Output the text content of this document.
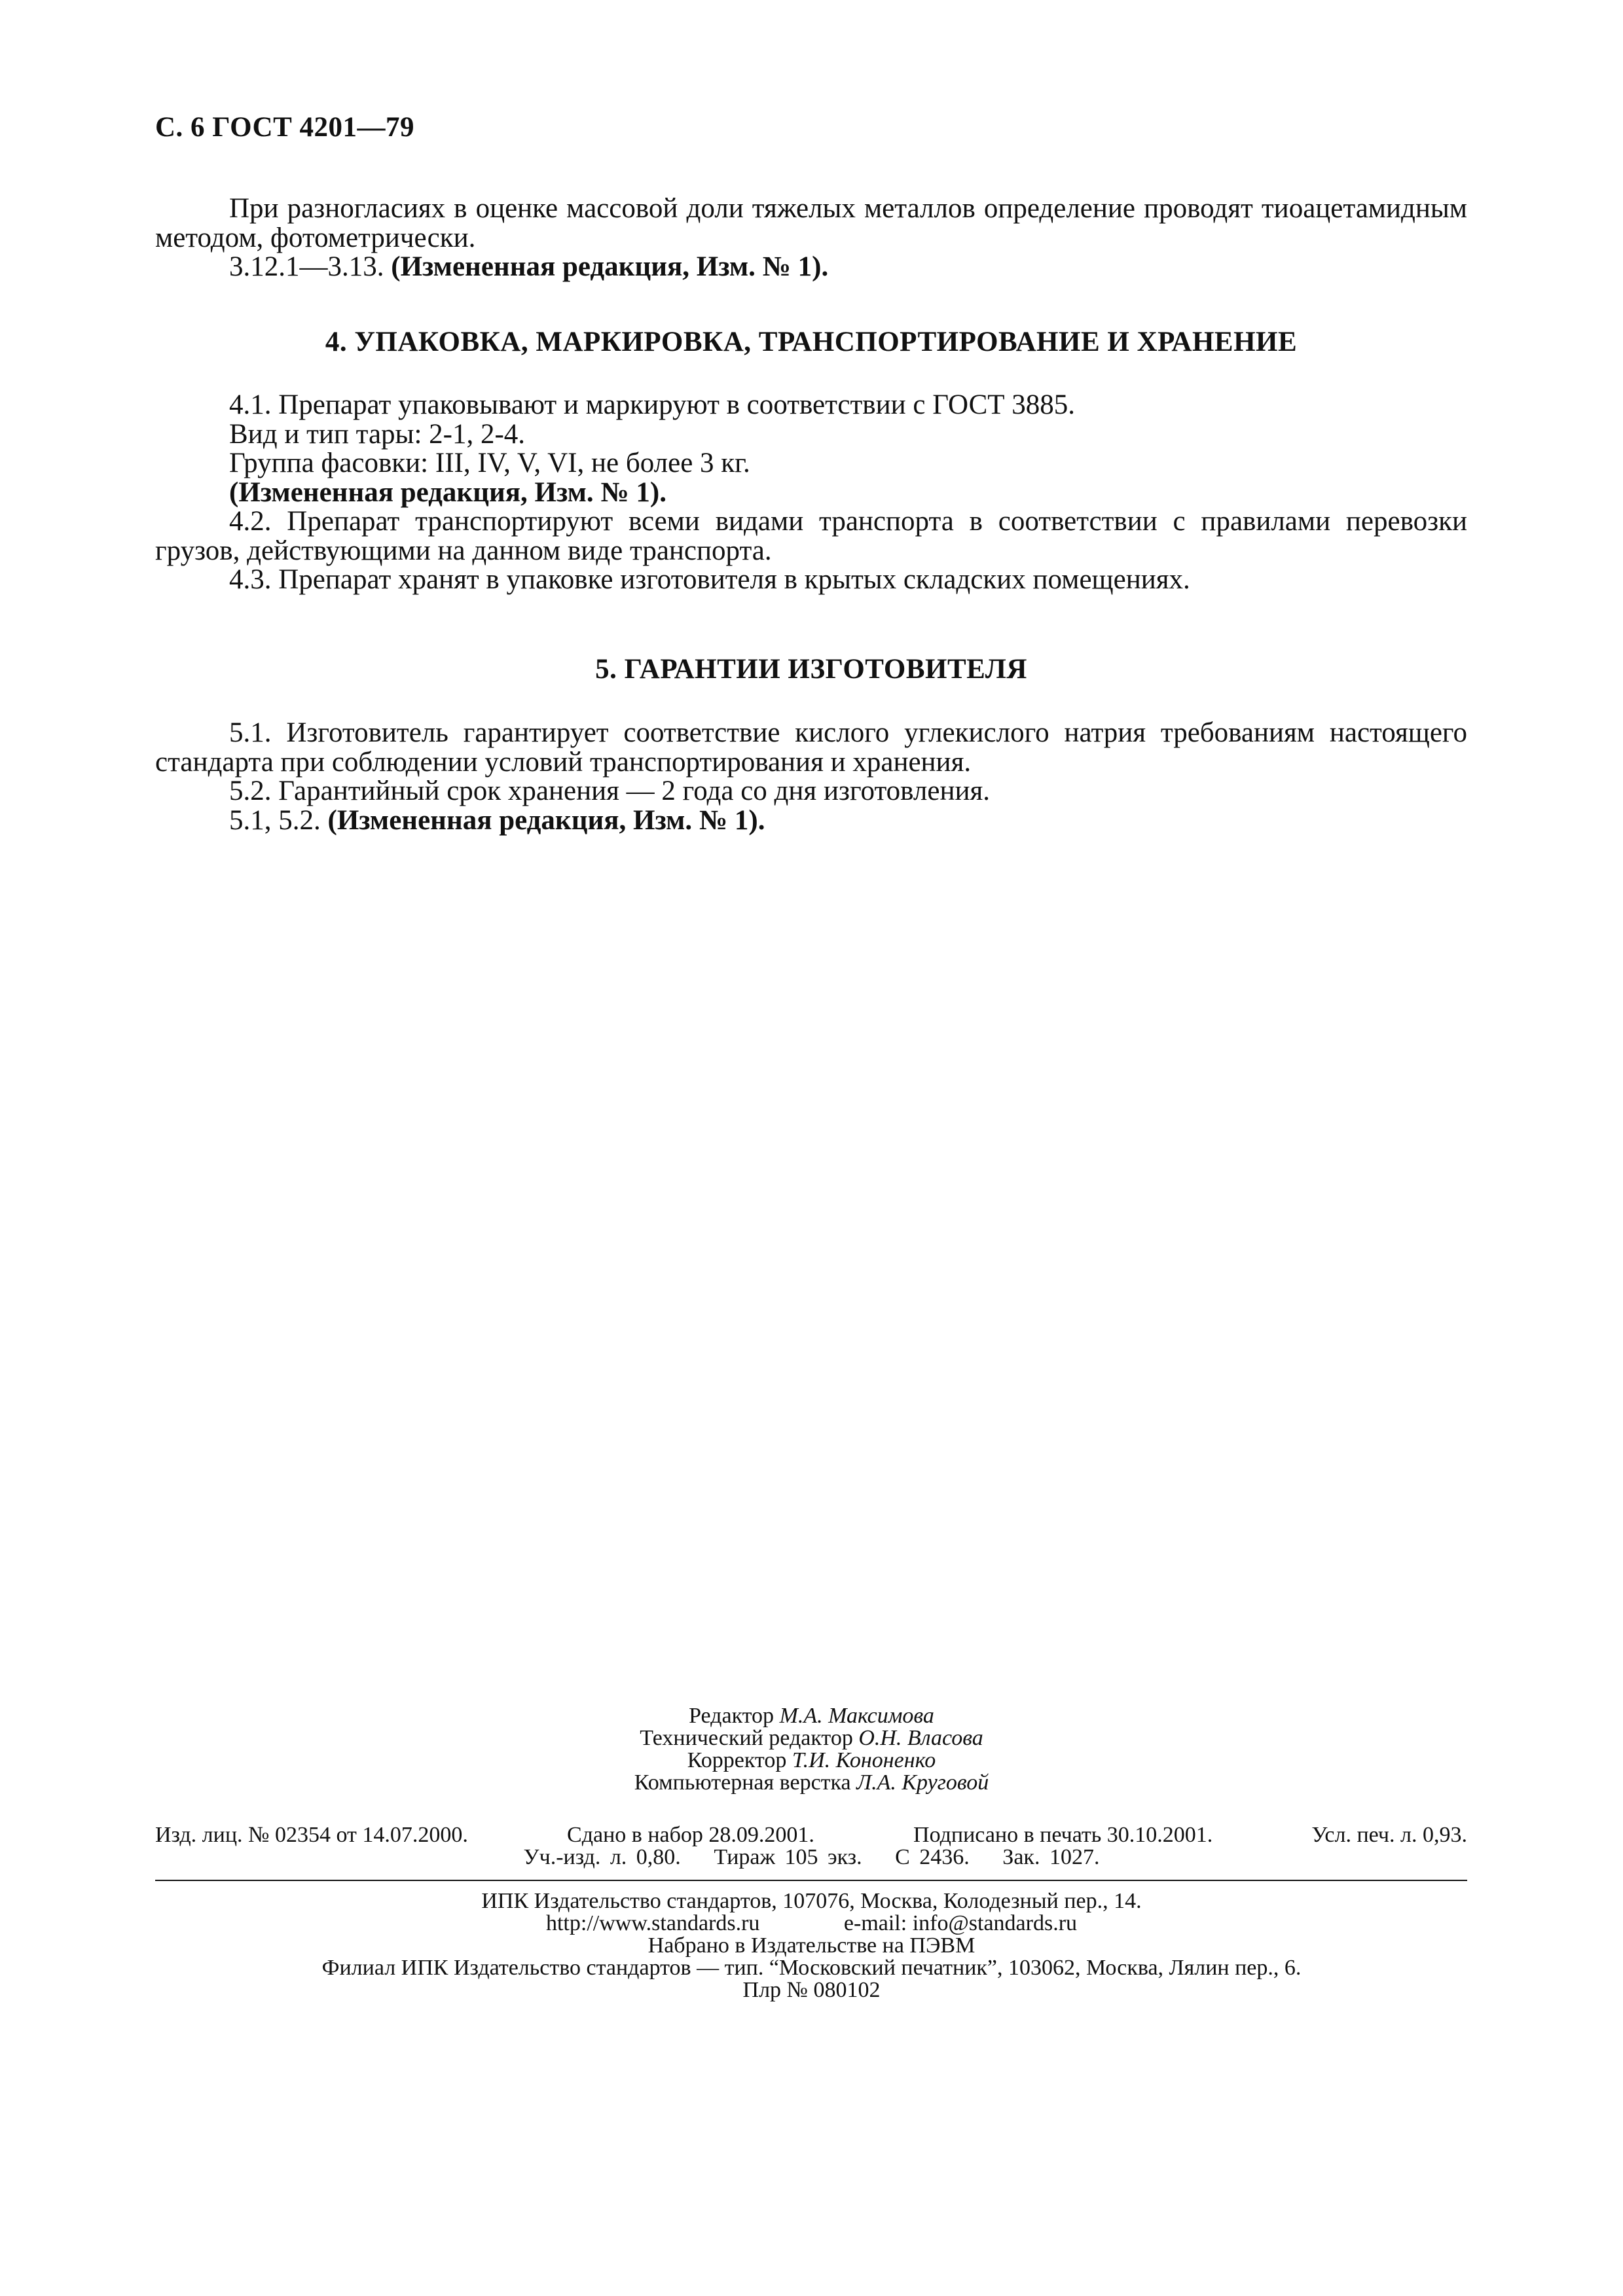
С. 6 ГОСТ 4201—79

При разногласиях в оценке массовой доли тяжелых металлов определение проводят тиоацетамидным методом, фотометрически.

3.12.1—3.13. (Измененная редакция, Изм. № 1).

4. УПАКОВКА, МАРКИРОВКА, ТРАНСПОРТИРОВАНИЕ И ХРАНЕНИЕ

4.1. Препарат упаковывают и маркируют в соответствии с ГОСТ 3885.

Вид и тип тары: 2-1, 2-4.

Группа фасовки: III, IV, V, VI, не более 3 кг.

(Измененная редакция, Изм. № 1).

4.2. Препарат транспортируют всеми видами транспорта в соответствии с правилами перевозки грузов, действующими на данном виде транспорта.

4.3. Препарат хранят в упаковке изготовителя в крытых складских помещениях.

5. ГАРАНТИИ ИЗГОТОВИТЕЛЯ

5.1. Изготовитель гарантирует соответствие кислого углекислого натрия требованиям настоящего стандарта при соблюдении условий транспортирования и хранения.

5.2. Гарантийный срок хранения — 2 года со дня изготовления.

5.1, 5.2. (Измененная редакция, Изм. № 1).

Редактор М.А. Максимова
Технический редактор О.Н. Власова
Корректор Т.И. Кононенко
Компьютерная верстка Л.А. Круговой
Изд. лиц. № 02354 от 14.07.2000.	Сдано в набор 28.09.2001.	Подписано в печать 30.10.2001.	Усл. печ. л. 0,93.
Уч.-изд. л. 0,80. Тираж 105 экз. С 2436. Зак. 1027.
ИПК Издательство стандартов, 107076, Москва, Колодезный пер., 14.
http://www.standards.ru	e-mail: info@standards.ru
Набрано в Издательстве на ПЭВМ
Филиал ИПК Издательство стандартов — тип. “Московский печатник”, 103062, Москва, Лялин пер., 6.
Плр № 080102
